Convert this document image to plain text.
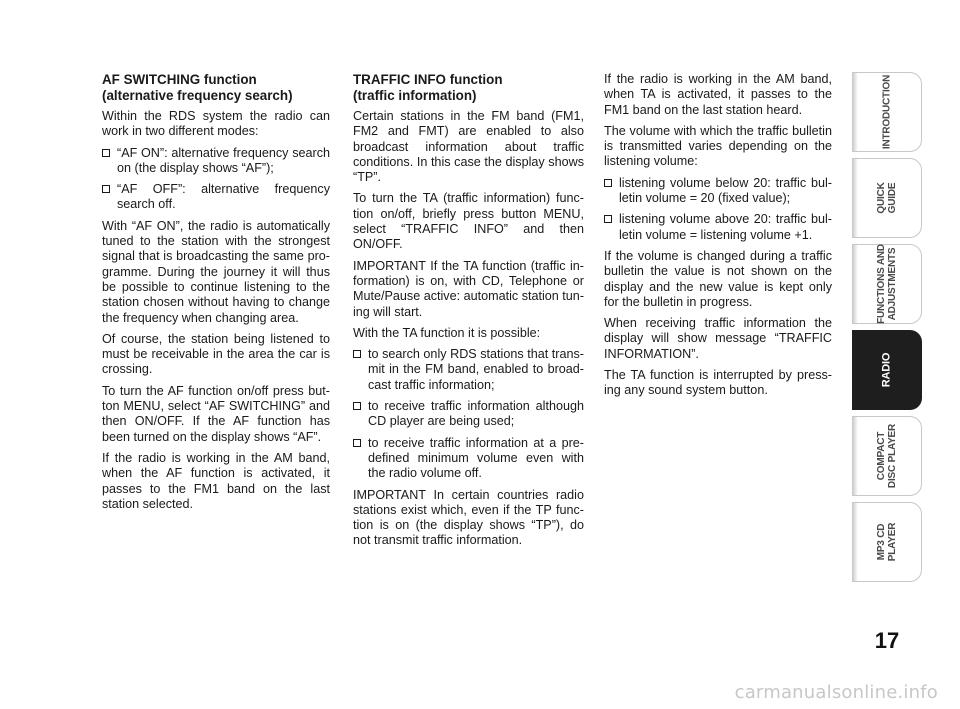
AF SWITCHING function
(alternative frequency search)

Within the RDS system the radio can work in two different modes:

“AF ON”: alternative frequency search on (the display shows “AF”);
“AF OFF”: alternative frequency search off.

With “AF ON”, the radio is automatically tuned to the station with the strongest signal that is broadcasting the same programme. During the journey it will thus be possible to continue listening to the station chosen without having to change the frequency when changing area.

Of course, the station being listened to must be receivable in the area the car is crossing.

To turn the AF function on/off press button MENU, select “AF SWITCHING” and then ON/OFF. If the AF function has been turned on the display shows “AF”.

If the radio is working in the AM band, when the AF function is activated, it passes to the FM1 band on the last station selected.

TRAFFIC INFO function
(traffic information)

Certain stations in the FM band (FM1, FM2 and FMT) are enabled to also broadcast information about traffic conditions. In this case the display shows “TP”.

To turn the TA (traffic information) function on/off, briefly press button MENU, select “TRAFFIC INFO” and then ON/OFF.

IMPORTANT If the TA function (traffic information) is on, with CD, Telephone or Mute/Pause active: automatic station tuning will start.

With the TA function it is possible:

to search only RDS stations that transmit in the FM band, enabled to broadcast traffic information;
to receive traffic information although CD player are being used;
to receive traffic information at a predefined minimum volume even with the radio volume off.

IMPORTANT In certain countries radio stations exist which, even if the TP function is on (the display shows “TP”), do not transmit traffic information.

If the radio is working in the AM band, when TA is activated, it passes to the FM1 band on the last station heard.

The volume with which the traffic bulletin is transmitted varies depending on the listening volume:

listening volume below 20: traffic bulletin volume = 20 (fixed value);
listening volume above 20: traffic bulletin volume = listening volume +1.

If the volume is changed during a traffic bulletin the value is not shown on the display and the new value is kept only for the bulletin in progress.

When receiving traffic information the display will show message “TRAFFIC INFORMATION”.

The TA function is interrupted by pressing any sound system button.

INTRODUCTION
QUICK
GUIDE
FUNCTIONS AND
ADJUSTMENTS
RADIO
COMPACT
DISC PLAYER
MP3 CD
PLAYER
17
carmanualsonline.info
